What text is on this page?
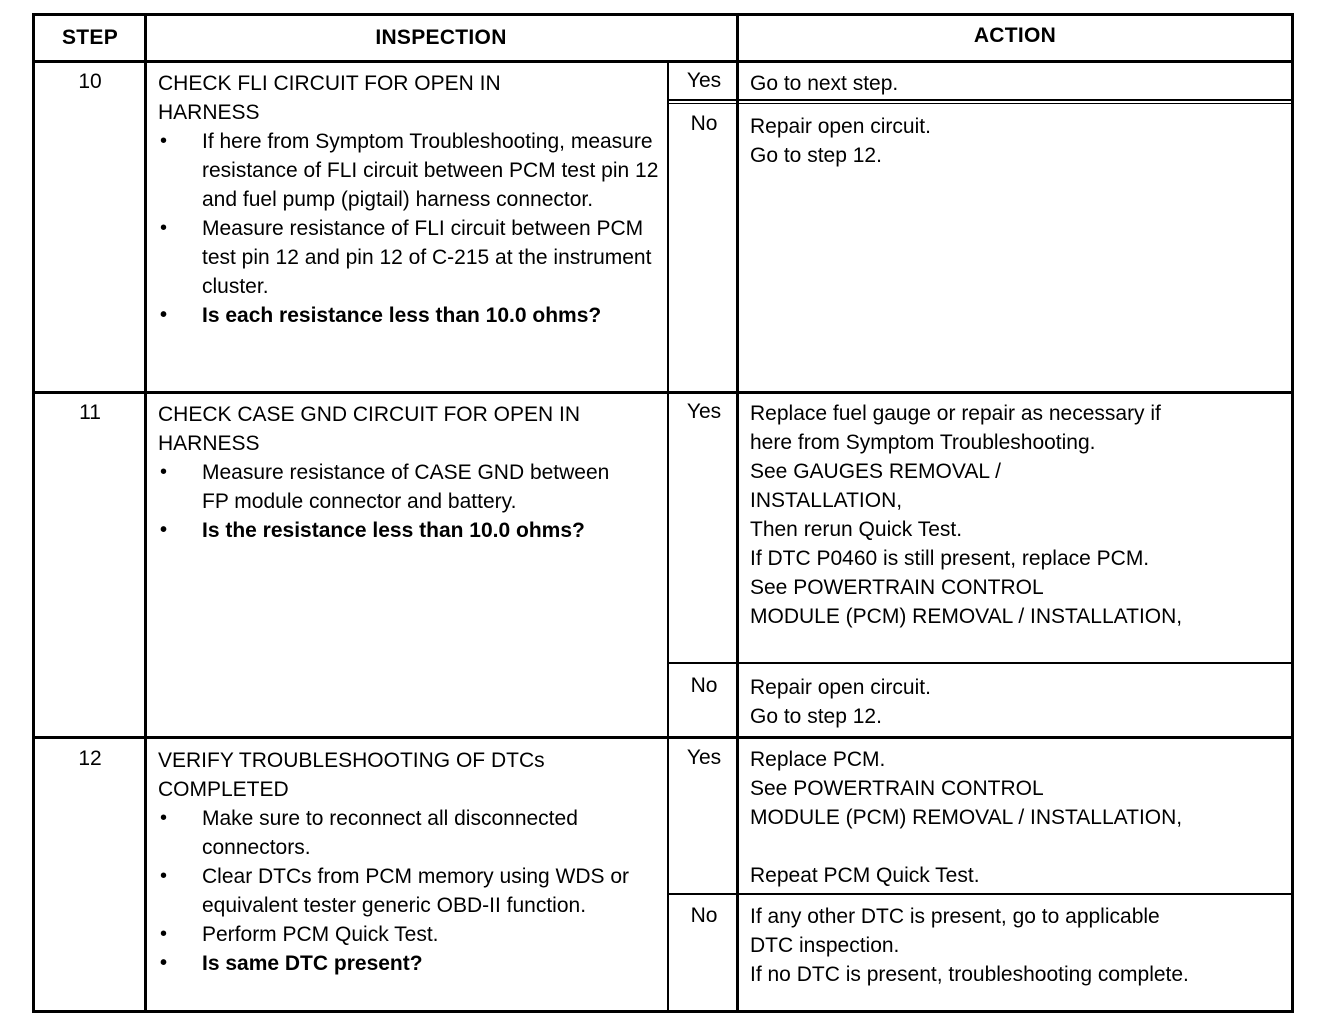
STEP	INSPECTION	ACTION
10	CHECK FLI CIRCUIT FOR OPEN IN HARNESS
• If here from Symptom Troubleshooting, measure resistance of FLI circuit between PCM test pin 12 and fuel pump (pigtail) harness connector.
• Measure resistance of FLI circuit between PCM test pin 12 and pin 12 of C-215 at the instrument cluster.
• Is each resistance less than 10.0 ohms?
Yes	Go to next step.
No	Repair open circuit.
Go to step 12.
11	CHECK CASE GND CIRCUIT FOR OPEN IN HARNESS
• Measure resistance of CASE GND between FP module connector and battery.
• Is the resistance less than 10.0 ohms?
Yes	Replace fuel gauge or repair as necessary if
here from Symptom Troubleshooting.
See GAUGES REMOVAL /
INSTALLATION,
Then rerun Quick Test.
If DTC P0460 is still present, replace PCM.
See POWERTRAIN CONTROL
MODULE (PCM) REMOVAL / INSTALLATION,
No	Repair open circuit.
Go to step 12.
12	VERIFY TROUBLESHOOTING OF DTCs COMPLETED
• Make sure to reconnect all disconnected connectors.
• Clear DTCs from PCM memory using WDS or equivalent tester generic OBD-II function.
• Perform PCM Quick Test.
• Is same DTC present?
Yes	Replace PCM.
See POWERTRAIN CONTROL
MODULE (PCM) REMOVAL / INSTALLATION,
Repeat PCM Quick Test.
No	If any other DTC is present, go to applicable
DTC inspection.
If no DTC is present, troubleshooting complete.
